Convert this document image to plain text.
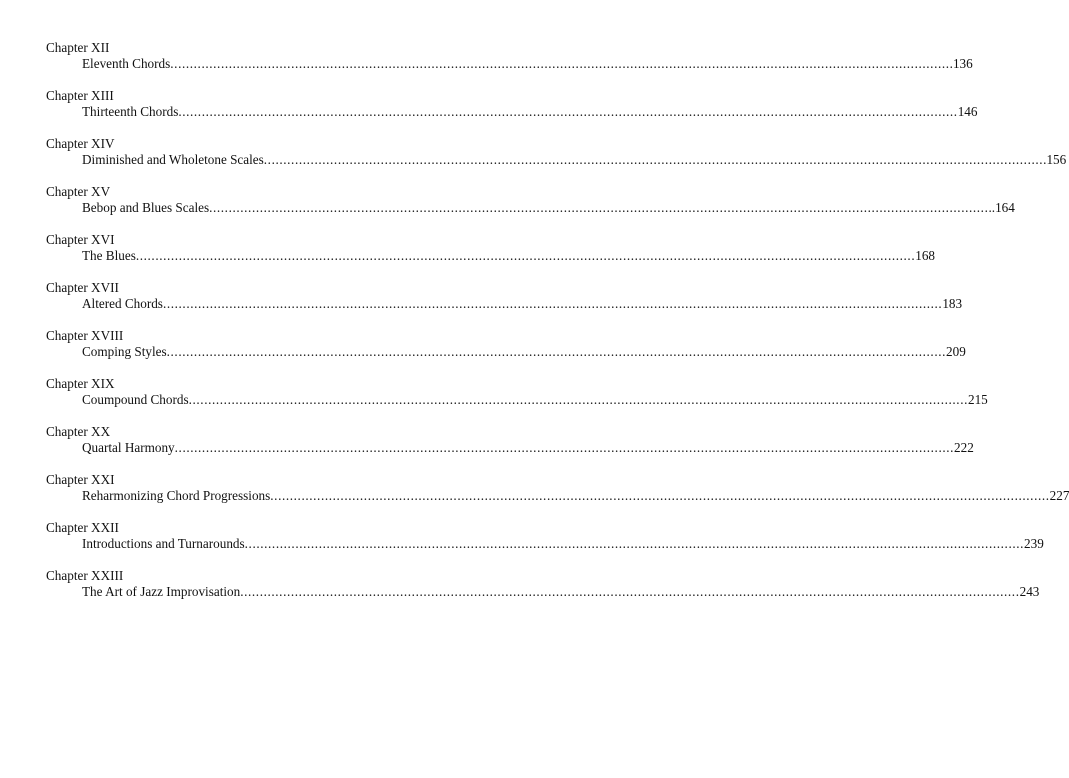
Chapter XII
Eleventh Chords ........................................................................................................................................................................................................ .136
Chapter XIII
Thirteenth Chords ........................................................................................................................................................................................................ 146
Chapter XIV
Diminished and Wholetone Scales ........................................................................................................................................................................................................ .156
Chapter XV
Bebop and Blues Scales ........................................................................................................................................................................................................ ..164
Chapter XVI
The Blues ........................................................................................................................................................................................................ 168
Chapter XVII
Altered Chords ........................................................................................................................................................................................................ 183
Chapter XVIII
Comping Styles ........................................................................................................................................................................................................ 209
Chapter XIX
Coumpound Chords ........................................................................................................................................................................................................ 215
Chapter XX
Quartal Harmony ........................................................................................................................................................................................................ 222
Chapter XXI
Reharmonizing Chord Progressions ........................................................................................................................................................................................................ 227
Chapter XXII
Introductions and Turnarounds ........................................................................................................................................................................................................ 239
Chapter XXIII
The Art of Jazz Improvisation ........................................................................................................................................................................................................ 243
